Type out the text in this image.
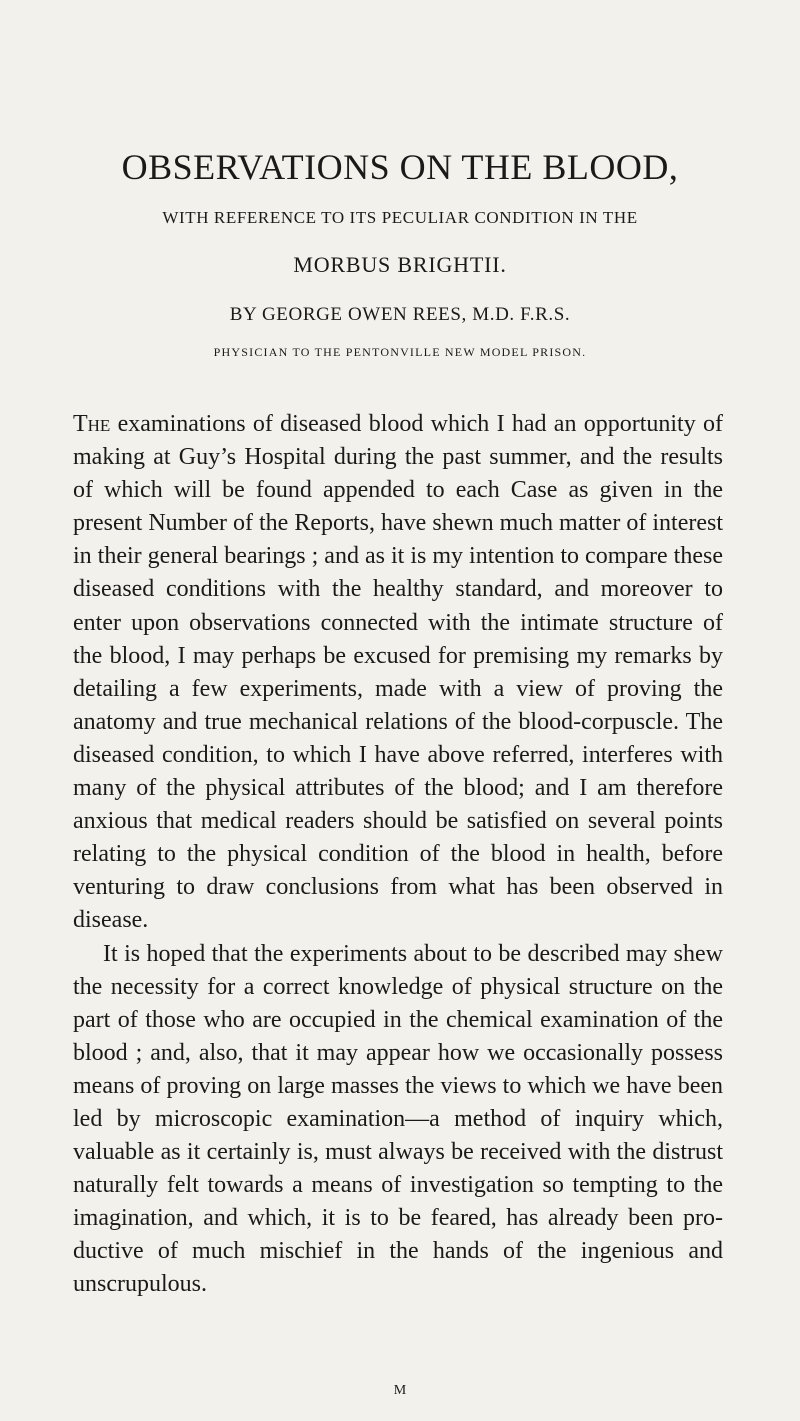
OBSERVATIONS ON THE BLOOD,
WITH REFERENCE TO ITS PECULIAR CONDITION IN THE
MORBUS BRIGHTII.
BY GEORGE OWEN REES, M.D. F.R.S.
PHYSICIAN TO THE PENTONVILLE NEW MODEL PRISON.

The examinations of diseased blood which I had an opportunity of making at Guy’s Hospital during the past summer, and the results of which will be found appended to each Case as given in the present Number of the Reports, have shewn much matter of interest in their general bearings ; and as it is my intention to compare these diseased conditions with the healthy standard, and moreover to enter upon observations connected with the intimate structure of the blood, I may perhaps be excused for premising my remarks by detailing a few experiments, made with a view of proving the anatomy and true mechanical relations of the blood-corpuscle. The diseased condition, to which I have above referred, interferes with many of the physical attributes of the blood; and I am therefore anxious that medical readers should be satisfied on several points relating to the physical condition of the blood in health, before venturing to draw conclusions from what has been observed in disease.

It is hoped that the experiments about to be described may shew the necessity for a correct knowledge of physical structure on the part of those who are occupied in the chemical examination of the blood ; and, also, that it may appear how we occasionally possess means of proving on large masses the views to which we have been led by microscopic examination—a method of inquiry which, valuable as it certainly is, must always be received with the distrust naturally felt towards a means of investigation so tempting to the imagination, and which, it is to be feared, has already been productive of much mischief in the hands of the ingenious and unscrupulous.

M
